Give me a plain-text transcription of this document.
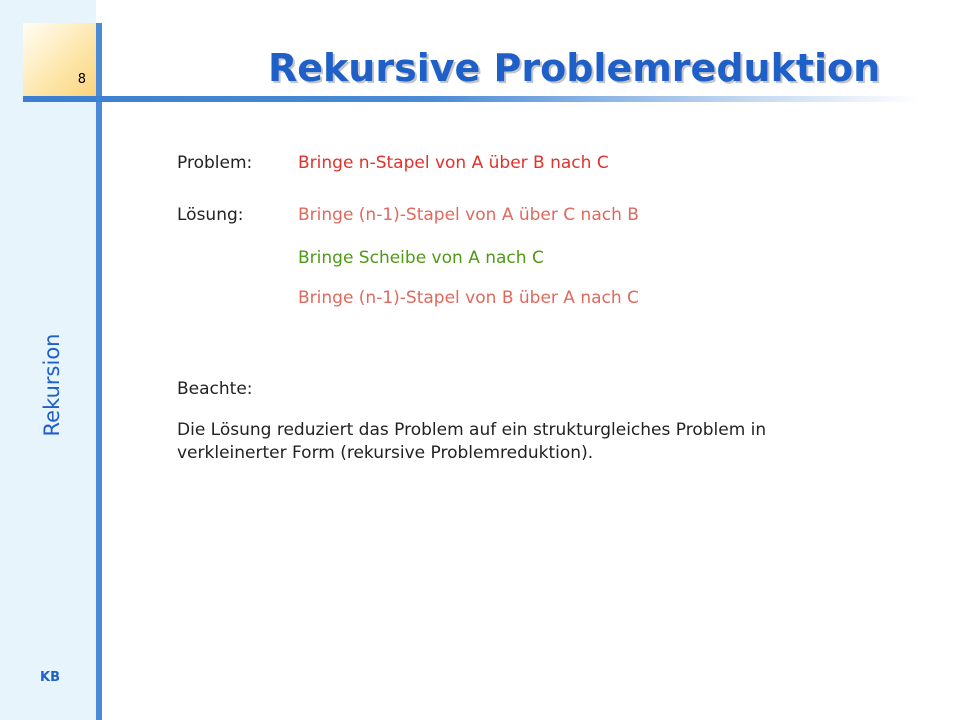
8
Rekursion
KB
Rekursive Problemreduktion
Problem:	Bringe n-Stapel von A über B nach C
Lösung:	Bringe (n-1)-Stapel von A über C nach B
Bringe Scheibe von A nach C
Bringe (n-1)-Stapel von B über A nach C
Beachte:

Die Lösung reduziert das Problem auf ein strukturgleiches Problem in verkleinerter Form (rekursive Problemreduktion).
